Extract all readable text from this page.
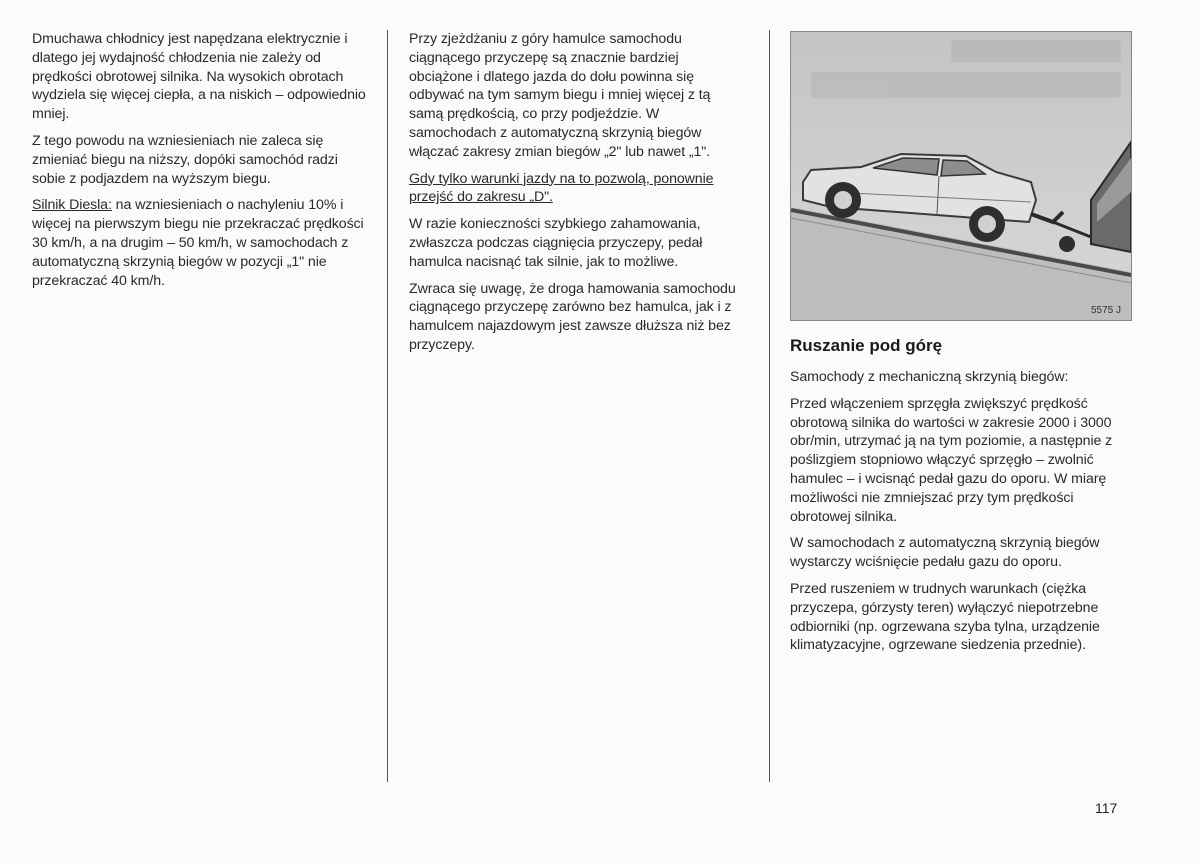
Dmuchawa chłodnicy jest napędzana elektrycznie i dlatego jej wydajność chłodzenia nie zależy od prędkości obrotowej silnika. Na wysokich obrotach wydziela się więcej ciepła, a na niskich – odpowiednio mniej.

Z tego powodu na wzniesieniach nie zaleca się zmieniać biegu na niższy, dopóki samochód radzi sobie z podjazdem na wyższym biegu.

Silnik Diesla: na wzniesieniach o nachyleniu 10% i więcej na pierwszym biegu nie przekraczać prędkości 30 km/h, a na drugim – 50 km/h, w samochodach z automatyczną skrzynią biegów w pozycji „1" nie przekraczać 40 km/h.

Przy zjeżdżaniu z góry hamulce samochodu ciągnącego przyczepę są znacznie bardziej obciążone i dlatego jazda do dołu powinna się odbywać na tym samym biegu i mniej więcej z tą samą prędkością, co przy podjeździe. W samochodach z automatyczną skrzynią biegów włączać zakresy zmian biegów „2" lub nawet „1".

Gdy tylko warunki jazdy na to pozwolą, ponownie przejść do zakresu „D".

W razie konieczności szybkiego zahamowania, zwłaszcza podczas ciągnięcia przyczepy, pedał hamulca nacisnąć tak silnie, jak to możliwe.

Zwraca się uwagę, że droga hamowania samochodu ciągnącego przyczepę zarówno bez hamulca, jak i z hamulcem najazdowym jest zawsze dłuższa niż bez przyczepy.

5575 J
Ruszanie pod górę

Samochody z mechaniczną skrzynią biegów:

Przed włączeniem sprzęgła zwiększyć prędkość obrotową silnika do wartości w zakresie 2000 i 3000 obr/min, utrzymać ją na tym poziomie, a następnie z poślizgiem stopniowo włączyć sprzęgło – zwolnić hamulec – i wcisnąć pedał gazu do oporu. W miarę możliwości nie zmniejszać przy tym prędkości obrotowej silnika.

W samochodach z automatyczną skrzynią biegów wystarczy wciśnięcie pedału gazu do oporu.

Przed ruszeniem w trudnych warunkach (ciężka przyczepa, górzysty teren) wyłączyć niepotrzebne odbiorniki (np. ogrzewana szyba tylna, urządzenie klimatyzacyjne, ogrzewane siedzenia przednie).

117
